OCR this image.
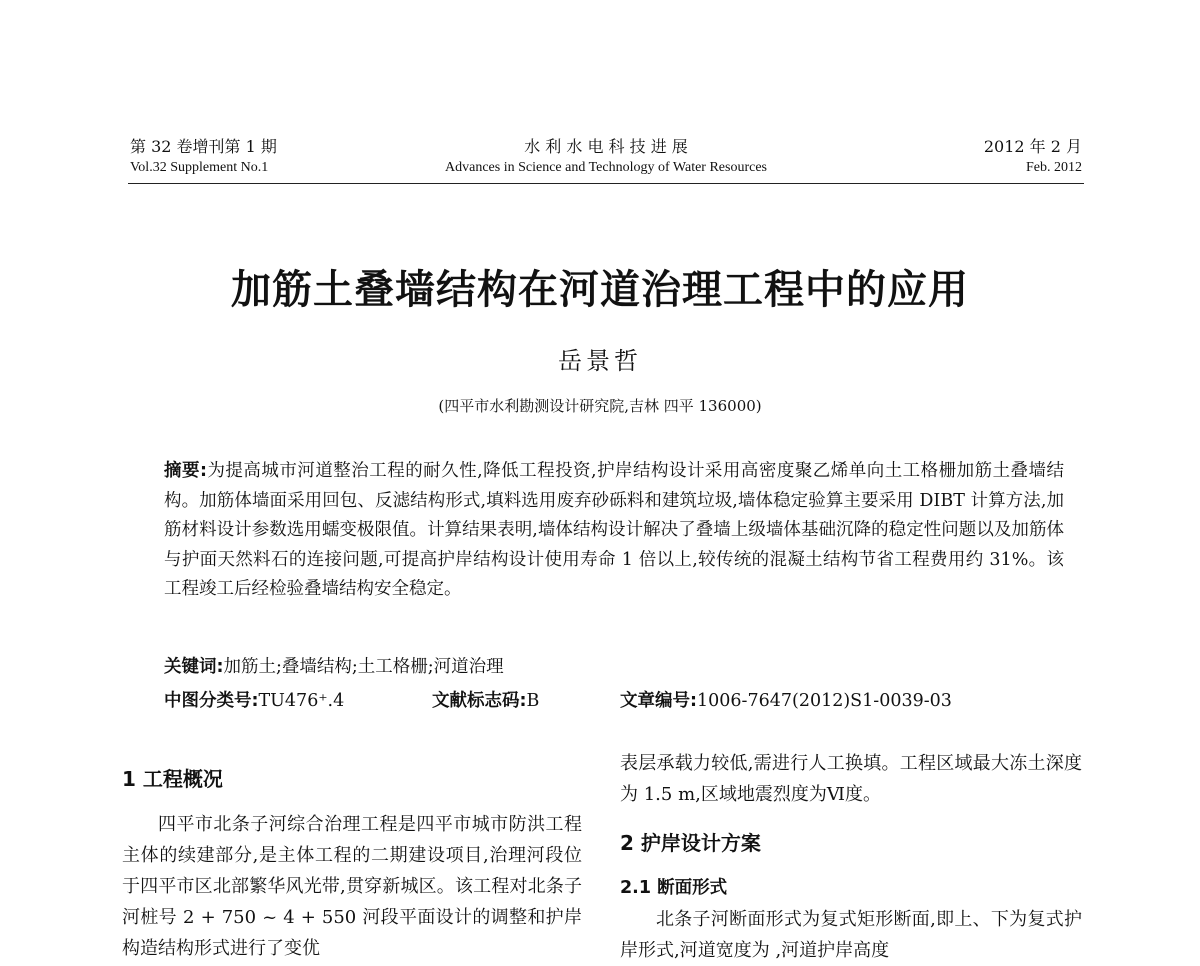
第 32 卷增刊第 1 期	水 利 水 电 科 技 进 展	2012 年 2 月
Vol.32 Supplement No.1	Advances in Science and Technology of Water Resources	Feb. 2012
加筋土叠墙结构在河道治理工程中的应用
岳景哲
(四平市水利勘测设计研究院,吉林 四平 136000)

摘要:为提高城市河道整治工程的耐久性,降低工程投资,护岸结构设计采用高密度聚乙烯单向土工格栅加筋土叠墙结构。加筋体墙面采用回包、反滤结构形式,填料选用废弃砂砾料和建筑垃圾,墙体稳定验算主要采用 DIBT 计算方法,加筋材料设计参数选用蠕变极限值。计算结果表明,墙体结构设计解决了叠墙上级墙体基础沉降的稳定性问题以及加筋体与护面天然料石的连接问题,可提高护岸结构设计使用寿命 1 倍以上,较传统的混凝土结构节省工程费用约 31%。该工程竣工后经检验叠墙结构安全稳定。

关键词:加筋土;叠墙结构;土工格栅;河道治理
中图分类号:TU476⁺.4	文献标志码:B	文章编号:1006-7647(2012)S1-0039-03
1 工程概况

四平市北条子河综合治理工程是四平市城市防洪工程主体的续建部分,是主体工程的二期建设项目,治理河段位于四平市区北部繁华风光带,贯穿新城区。该工程对北条子河桩号 2 + 750 ~ 4 + 550 河段平面设计的调整和护岸构造结构形式进行了变优

表层承载力较低,需进行人工换填。工程区域最大冻土深度为 1.5 m,区域地震烈度为Ⅵ度。

2 护岸设计方案
2.1 断面形式

北条子河断面形式为复式矩形断面,即上、下为复式护岸形式,河道宽度为 ,河道护岸高度
